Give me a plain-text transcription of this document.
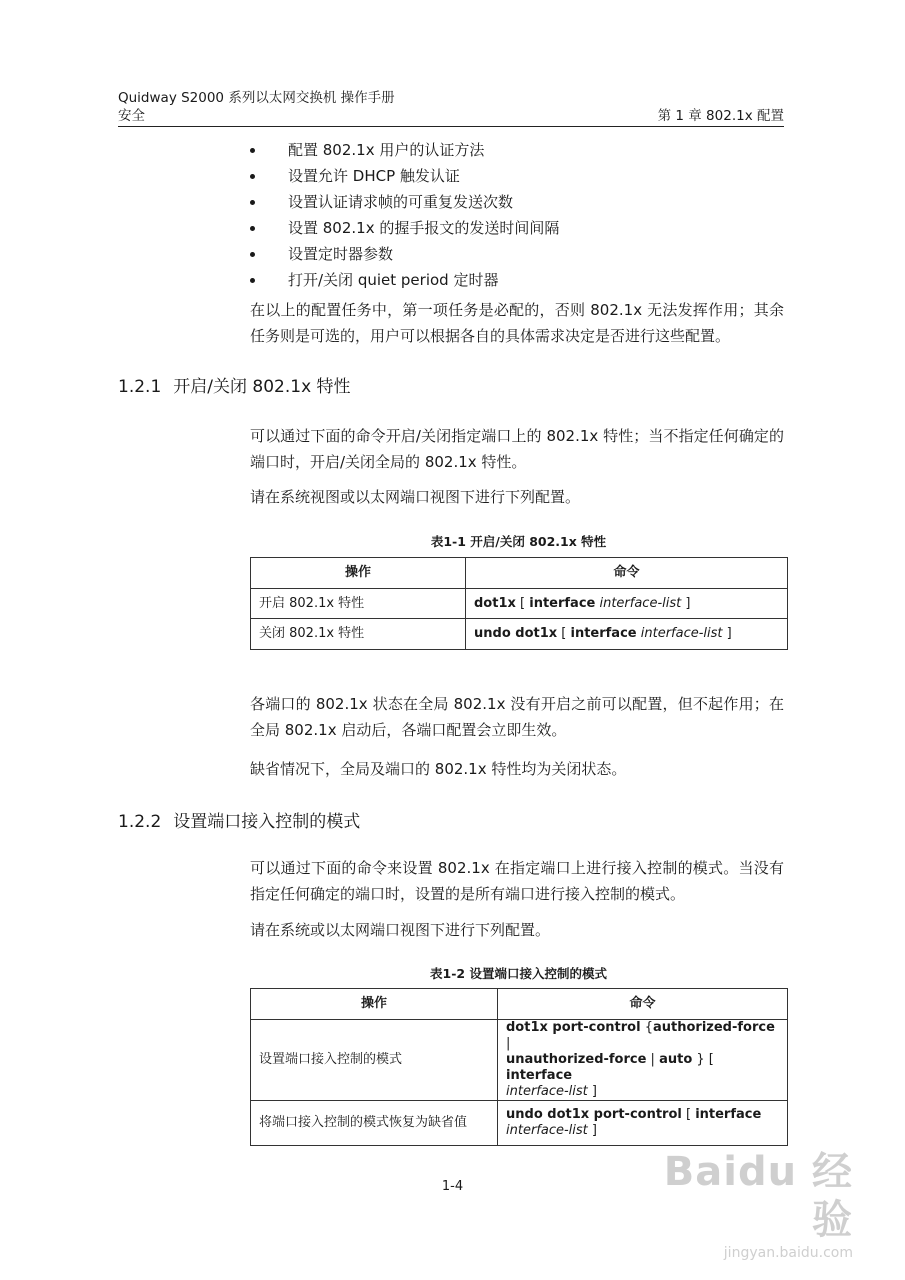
Quidway S2000 系列以太网交换机 操作手册
安全	第 1 章 802.1x 配置
配置 802.1x 用户的认证方法
设置允许 DHCP 触发认证
设置认证请求帧的可重复发送次数
设置 802.1x 的握手报文的发送时间间隔
设置定时器参数
打开/关闭 quiet period 定时器
在以上的配置任务中，第一项任务是必配的，否则 802.1x 无法发挥作用；其余任务则是可选的，用户可以根据各自的具体需求决定是否进行这些配置。
1.2.1 开启/关闭 802.1x 特性
可以通过下面的命令开启/关闭指定端口上的 802.1x 特性；当不指定任何确定的端口时，开启/关闭全局的 802.1x 特性。
请在系统视图或以太网端口视图下进行下列配置。
表1-1 开启/关闭 802.1x 特性
操作	命令
开启 802.1x 特性	dot1x [ interface interface-list ]
关闭 802.1x 特性	undo dot1x [ interface interface-list ]
各端口的 802.1x 状态在全局 802.1x 没有开启之前可以配置，但不起作用；在全局 802.1x 启动后，各端口配置会立即生效。
缺省情况下，全局及端口的 802.1x 特性均为关闭状态。
1.2.2 设置端口接入控制的模式
可以通过下面的命令来设置 802.1x 在指定端口上进行接入控制的模式。当没有指定任何确定的端口时，设置的是所有端口进行接入控制的模式。
请在系统或以太网端口视图下进行下列配置。
表1-2 设置端口接入控制的模式
操作	命令
设置端口接入控制的模式	dot1x port-control {authorized-force |
unauthorized-force | auto } [ interface
interface-list ]
将端口接入控制的模式恢复为缺省值	undo dot1x port-control [ interface
interface-list ]
1-4	Baidu 经验
jingyan.baidu.com
